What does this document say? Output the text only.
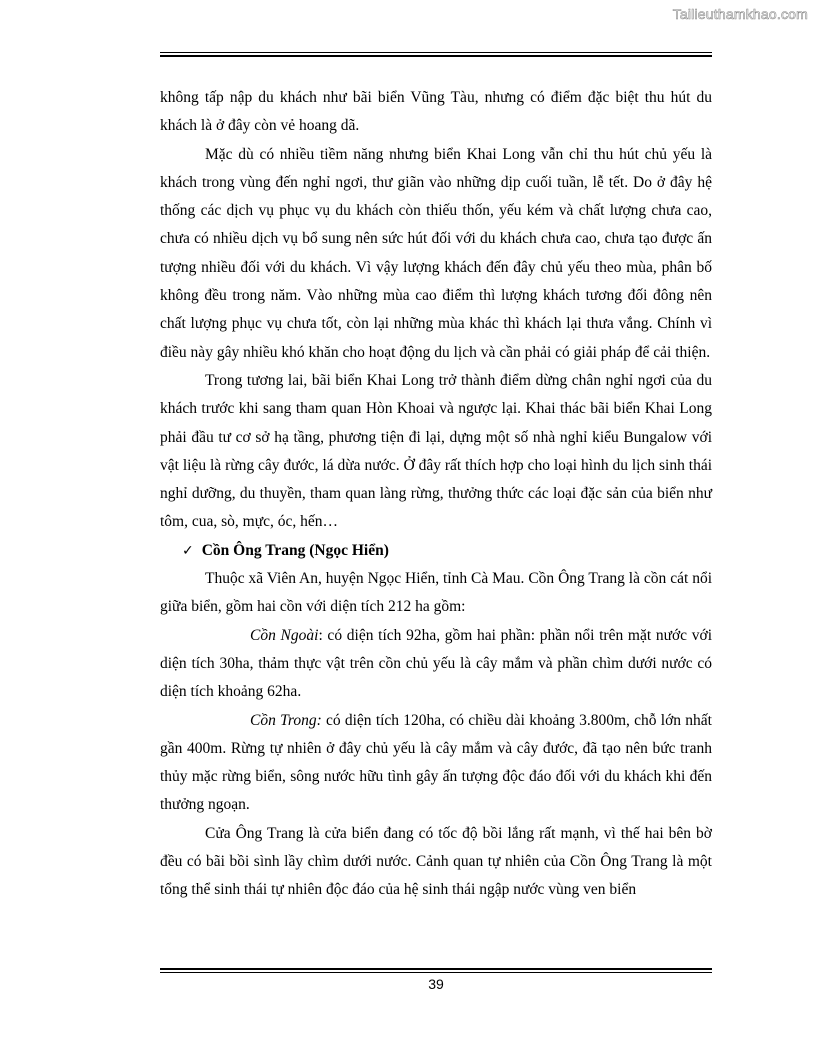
Tailieuthamkhao.com

không tấp nập du khách như bãi biển Vũng Tàu, nhưng có điểm đặc biệt thu hút du khách là ở đây còn vẻ hoang dã.

Mặc dù có nhiều tiềm năng nhưng biển Khai Long vẫn chỉ thu hút chủ yếu là khách trong vùng đến nghỉ ngơi, thư giãn vào những dịp cuối tuần, lễ tết. Do ở đây hệ thống các dịch vụ phục vụ du khách còn thiếu thốn, yếu kém và chất lượng chưa cao, chưa có nhiều dịch vụ bổ sung nên sức hút đối với du khách chưa cao, chưa tạo được ấn tượng nhiều đối với du khách. Vì vậy lượng khách đến đây chủ yếu theo mùa, phân bố không đều trong năm. Vào những mùa cao điểm thì lượng khách tương đối đông nên chất lượng phục vụ chưa tốt, còn lại những mùa khác thì khách lại thưa vắng. Chính vì điều này gây nhiều khó khăn cho hoạt động du lịch và cần phải có giải pháp để cải thiện.

Trong tương lai, bãi biển Khai Long trở thành điểm dừng chân nghỉ ngơi của du khách trước khi sang tham quan Hòn Khoai và ngược lại. Khai thác bãi biển Khai Long phải đầu tư cơ sở hạ tầng, phương tiện đi lại, dựng một số nhà nghỉ kiểu Bungalow với vật liệu là rừng cây đước, lá dừa nước. Ở đây rất thích hợp cho loại hình du lịch sinh thái nghỉ dưỡng, du thuyền, tham quan làng rừng, thưởng thức các loại đặc sản của biển như tôm, cua, sò, mực, óc, hến…

✓ Cồn Ông Trang (Ngọc Hiển)

Thuộc xã Viên An, huyện Ngọc Hiển, tỉnh Cà Mau. Cồn Ông Trang là cồn cát nổi giữa biển, gồm hai cồn với diện tích 212 ha gồm:

Cồn Ngoài: có diện tích 92ha, gồm hai phần: phần nổi trên mặt nước với diện tích 30ha, thảm thực vật trên cồn chủ yếu là cây mắm và phần chìm dưới nước có diện tích khoảng 62ha.

Cồn Trong: có diện tích 120ha, có chiều dài khoảng 3.800m, chỗ lớn nhất gần 400m. Rừng tự nhiên ở đây chủ yếu là cây mắm và cây đước, đã tạo nên bức tranh thủy mặc rừng biển, sông nước hữu tình gây ấn tượng độc đáo đối với du khách khi đến thưởng ngoạn.

Cửa Ông Trang là cửa biển đang có tốc độ bồi lắng rất mạnh, vì thế hai bên bờ đều có bãi bồi sình lầy chìm dưới nước. Cảnh quan tự nhiên của Cồn Ông Trang là một tổng thể sinh thái tự nhiên độc đáo của hệ sinh thái ngập nước vùng ven biển

39
